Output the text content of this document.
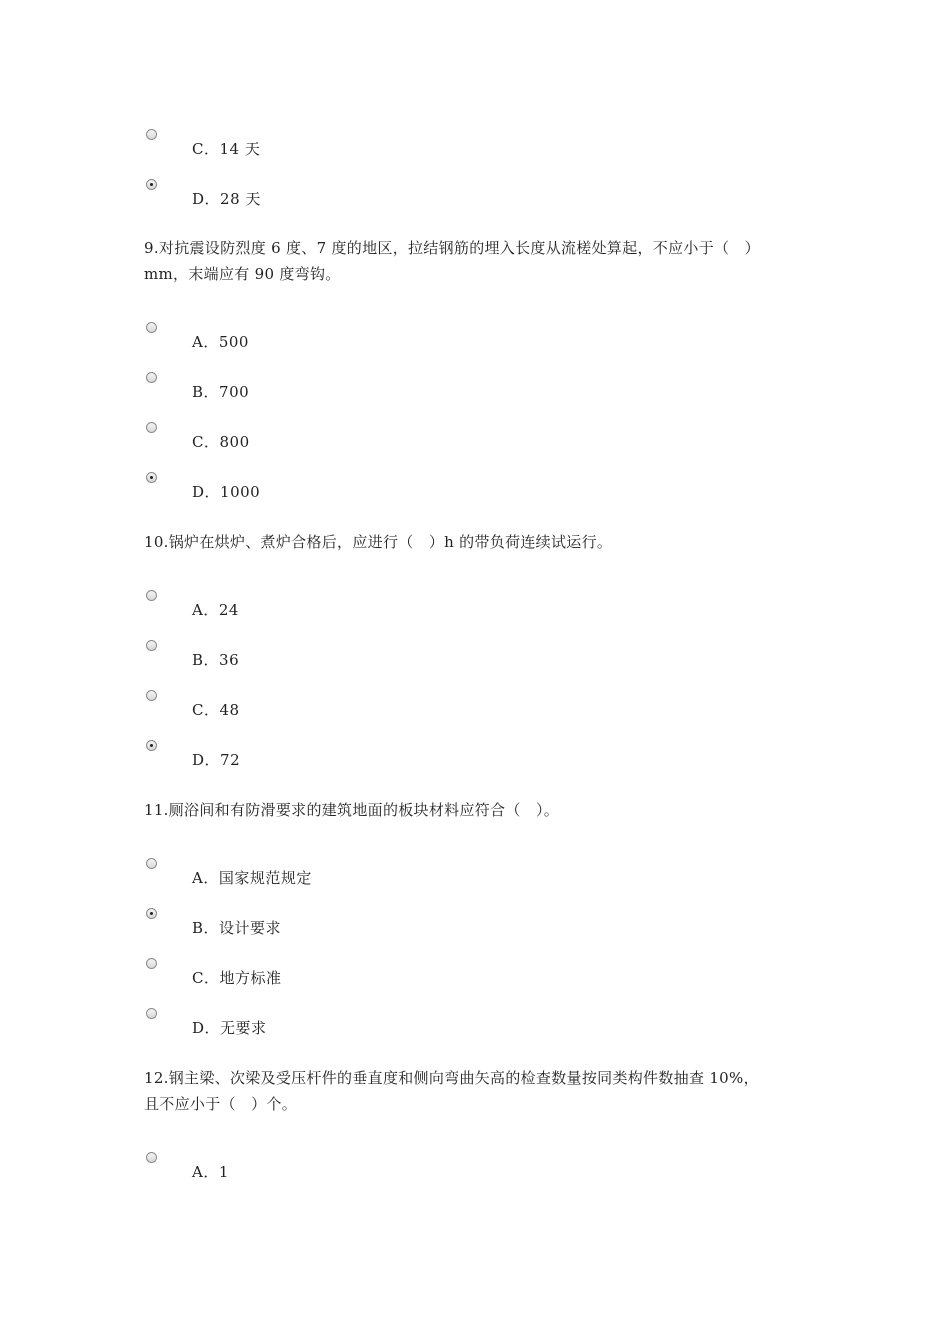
C．14 天
D．28 天
9.对抗震设防烈度 6 度、7 度的地区，拉结钢筋的埋入长度从流槎处算起，不应小于（　）
mm，末端应有 90 度弯钩。
A．500
B．700
C．800
D．1000
10.锅炉在烘炉、煮炉合格后，应进行（　）h 的带负荷连续试运行。
A．24
B．36
C．48
D．72
11.厕浴间和有防滑要求的建筑地面的板块材料应符合（　）。
A．国家规范规定
B．设计要求
C．地方标准
D．无要求
12.钢主梁、次梁及受压杆件的垂直度和侧向弯曲矢高的检查数量按同类构件数抽查 10%，
且不应小于（　）个。
A．1
